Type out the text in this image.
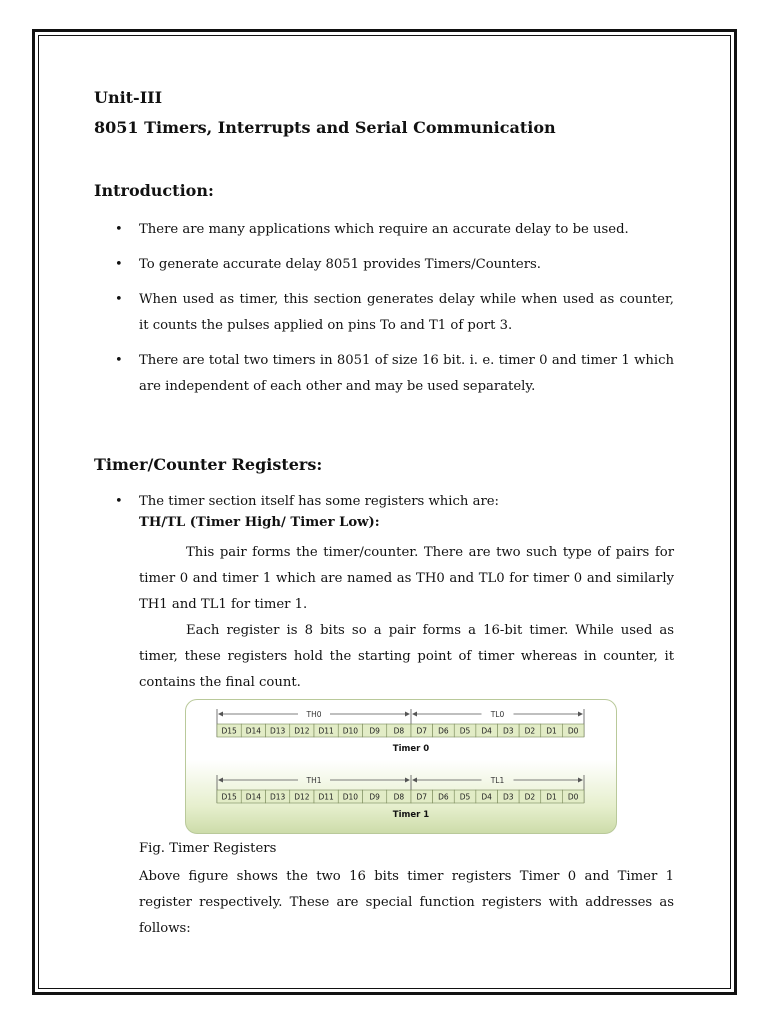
Unit-III
8051 Timers, Interrupts and Serial Communication
Introduction:
• There are many applications which require an accurate delay to be used.
• To generate accurate delay 8051 provides Timers/Counters.
• When used as timer, this section generates delay while when used as counter, it counts the pulses applied on pins To and T1 of port 3.
• There are total two timers in 8051 of size 16 bit. i. e. timer 0 and timer 1 which are independent of each other and may be used separately.
Timer/Counter Registers:
• The timer section itself has some registers which are:
TH/TL (Timer High/ Timer Low):
This pair forms the timer/counter. There are two such type of pairs for timer 0 and timer 1 which are named as TH0 and TL0 for timer 0 and similarly TH1 and TL1 for timer 1.
Each register is 8 bits so a pair forms a 16-bit timer. While used as timer, these registers hold the starting point of timer whereas in counter, it contains the final count.
TH0	TL0
D15 D14 D13 D12 D11 D10 D9 D8 D7 D6 D5 D4 D3 D2 D1 D0
Timer 0
TH1	TL1
D15 D14 D13 D12 D11 D10 D9 D8 D7 D6 D5 D4 D3 D2 D1 D0
Timer 1
Fig. Timer Registers
Above figure shows the two 16 bits timer registers Timer 0 and Timer 1 register respectively. These are special function registers with addresses as follows:
